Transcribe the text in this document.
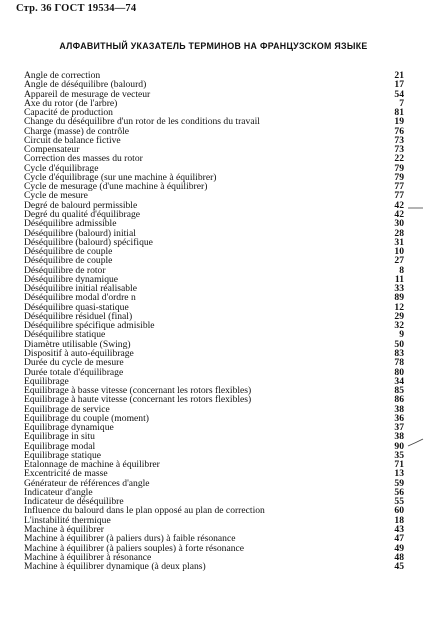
Стр. 36 ГОСТ 19534—74
АЛФАВИТНЫЙ УКАЗАТЕЛЬ ТЕРМИНОВ НА ФРАНЦУЗСКОМ ЯЗЫКЕ
Angle de correction	21
Angle de déséquilibre (balourd)	17
Appareil de mesurage de vecteur	54
Axe du rotor (de l'arbre)	7
Capacité de production	81
Change du déséquilibre d'un rotor de les conditions du travail	19
Charge (masse) de contrôle	76
Circuit de balance fictive	73
Compensateur	73
Correction des masses du rotor	22
Cycle d'équilibrage	79
Cycle d'équilibrage (sur une machine à équilibrer)	79
Cycle de mesurage (d'une machine à équilibrer)	77
Cycle de mesure	77
Degré de balourd permissible	42
Degré du qualité d'équilibrage	42
Déséquilibre admissible	30
Déséquilibre (balourd) initial	28
Déséquilibre (balourd) spécifique	31
Déséquilibre de couple	10
Déséquilibre de couple	27
Déséquilibre de rotor	8
Déséquilibre dynamique	11
Déséquilibre initial réalisable	33
Déséquilibre modal d'ordre n	89
Déséquilibre quasi-statique	12
Déséquilibre résiduel (final)	29
Déséquilibre spécifique admisible	32
Déséquilibre statique	9
Diamètre utilisable (Swing)	50
Dispositif à auto-équilibrage	83
Durée du cycle de mesure	78
Durée totale d'équilibrage	80
Equilibrage	34
Equilibrage à basse vitesse (concernant les rotors flexibles)	85
Equilibrage à haute vitesse (concernant les rotors flexibles)	86
Equilibrage de service	38
Equilibrage du couple (moment)	36
Equilibrage dynamique	37
Equilibrage in situ	38
Equilibrage modal	90
Equilibrage statique	35
Etalonnage de machine à équilibrer	71
Excentricité de masse	13
Générateur de références d'angle	59
Indicateur d'angle	56
Indicateur de déséquilibre	55
Influence du balourd dans le plan opposé au plan de correction	60
L'instabilité thermique	18
Machine à équilibrer	43
Machine à équilibrer (à paliers durs) à faible résonance	47
Machine à équilibrer (à paliers souples) à forte résonance	49
Machine à équilibrer à résonance	48
Machine à équilibrer dynamique (à deux plans)	45
